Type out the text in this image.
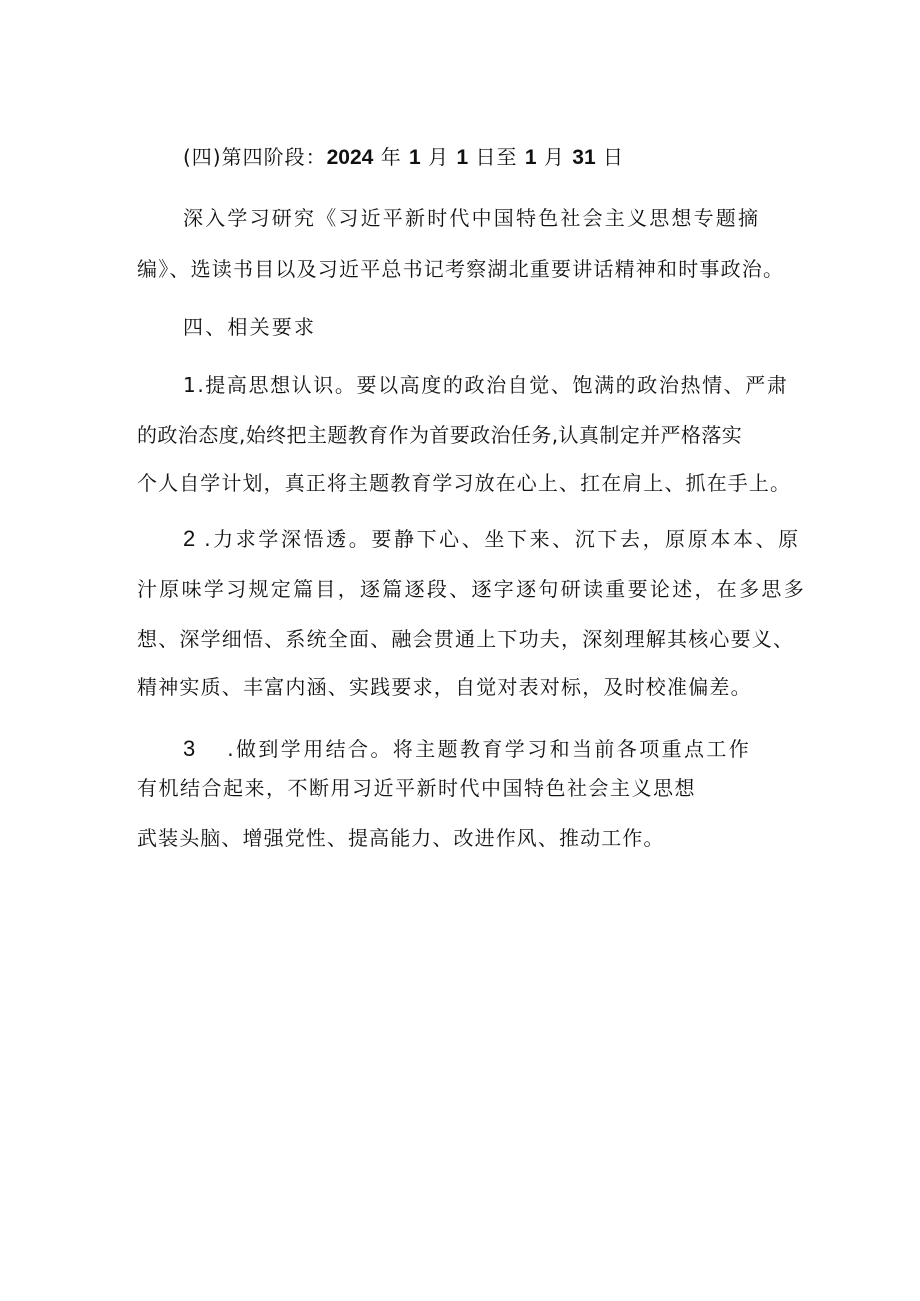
(四)第四阶段：2024 年 1 月 1 日至 1 月 31 日
深入学习研究《习近平新时代中国特色社会主义思想专题摘
编》、选读书目以及习近平总书记考察湖北重要讲话精神和时事政治。
四、相关要求
1.提高思想认识。要以高度的政治自觉、饱满的政治热情、严肃
的政治态度,始终把主题教育作为首要政治任务,认真制定并严格落实
个人自学计划，真正将主题教育学习放在心上、扛在肩上、抓在手上。
2 .力求学深悟透。要静下心、坐下来、沉下去，原原本本、原
汁原味学习规定篇目，逐篇逐段、逐字逐句研读重要论述，在多思多
想、深学细悟、系统全面、融会贯通上下功夫，深刻理解其核心要义、
精神实质、丰富内涵、实践要求，自觉对表对标，及时校准偏差。
3 .做到学用结合。将主题教育学习和当前各项重点工作
有机结合起来，不断用习近平新时代中国特色社会主义思想
武装头脑、增强党性、提高能力、改进作风、推动工作。
